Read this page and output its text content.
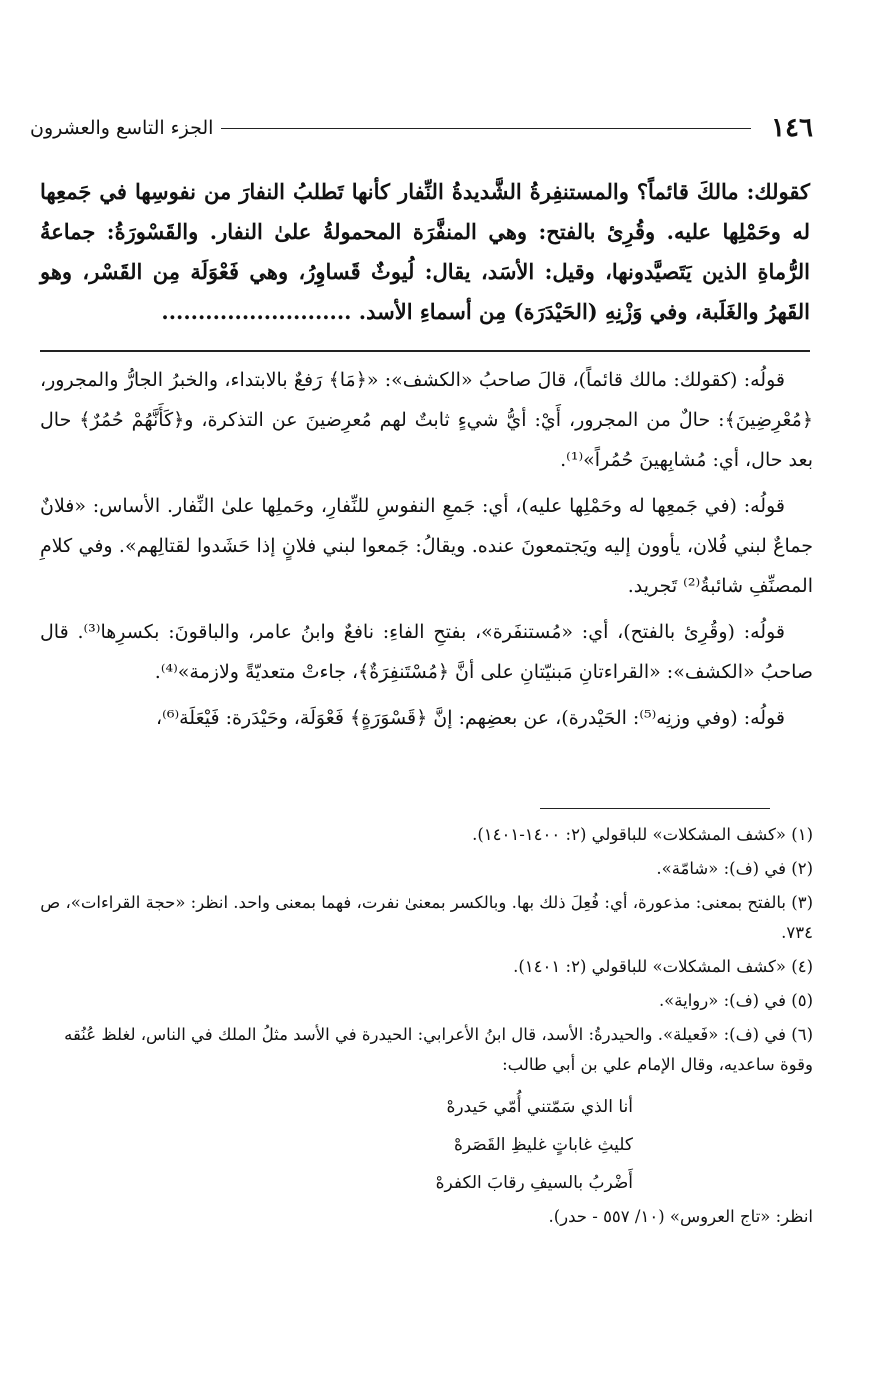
١٤٦
الجزء التاسع والعشرون

كقولك: مالكَ قائماً؟ والمستنفِرةُ الشَّديدةُ النِّفار كأنها تَطلبُ النفارَ من نفوسِها في جَمعِها له وحَمْلِها عليه. وقُرِئ بالفتح: وهي المنفَّرَة المحمولةُ علىٰ النفار. والقَسْورَةُ: جماعةُ الرُّماةِ الذين يَتَصيَّدونها، وقيل: الأسَد، يقال: لُيوثٌ قَساوِرُ، وهي فَعْوَلَة مِن القَسْر، وهو القَهرُ والغَلَبة، وفي وَزْنِهِ (الحَيْدَرَة) مِن أسماءِ الأسد. ..........................

قولُه: (كقولك: مالك قائماً)، قالَ صاحبُ «الكشف»: «﴿مَا﴾ رَفعٌ بالابتداء، والخبرُ الجارُّ والمجرور، ﴿مُعْرِضِينَ﴾: حالٌ من المجرور، أَيْ: أيُّ شيءٍ ثابتٌ لهم مُعرِضينَ عن التذكرة، و﴿كَأَنَّهُمْ حُمُرٌ﴾ حال بعد حال، أي: مُشابِهينَ حُمُراً»⁽¹⁾.

قولُه: (في جَمعِها له وحَمْلِها عليه)، أي: جَمعِ النفوسِ للنِّفارِ، وحَملِها علىٰ النِّفار. الأساس: «فلانٌ جماعٌ لبني فُلان، يأوون إليه ويَجتمعونَ عنده. ويقالُ: جَمعوا لبني فلانٍ إذا حَشَدوا لقتالِهم». وفي كلامِ المصنِّفِ شائبةُ⁽²⁾ تَجريد.

قولُه: (وقُرِئ بالفتح)، أي: «مُستنفَرة»، بفتحِ الفاءِ: نافعٌ وابنُ عامر، والباقونَ: بكسرِها⁽³⁾. قال صاحبُ «الكشف»: «القراءتانِ مَبنيّتانِ على أنَّ ﴿مُسْتَنفِرَةٌ﴾، جاءتْ متعديّةً ولازمة»⁽⁴⁾.

قولُه: (وفي وزنِه⁽⁵⁾: الحَيْدرة)، عن بعضِهم: إنَّ ﴿قَسْوَرَةٍ﴾ فَعْوَلَة، وحَيْدَرة: فَيْعَلَة⁽⁶⁾،

(١) «كشف المشكلات» للباقولي (٢: ١٤٠٠-١٤٠١).
(٢) في (ف): «شامّة».
(٣) بالفتح بمعنى: مذعورة، أي: فُعِلَ ذلك بها. وبالكسر بمعنىٰ نفرت، فهما بمعنى واحد. انظر: «حجة القراءات»، ص ٧٣٤.
(٤) «كشف المشكلات» للباقولي (٢: ١٤٠١).
(٥) في (ف): «رواية».
(٦) في (ف): «فَعيلة». والحيدرةُ: الأسد، قال ابنُ الأعرابي: الحيدرة في الأسد مثلُ الملك في الناس، لغلظ عُنُقه وقوة ساعديه، وقال الإمام علي بن أبي طالب:
أنا الذي سَمّتني أُمّي حَيدرهْ
كليثِ غاباتٍ غليظِ القَصَرهْ
أَضْربُ بالسيفِ رقابَ الكفرهْ
انظر: «تاج العروس» (١٠/ ٥٥٧ - حدر).
